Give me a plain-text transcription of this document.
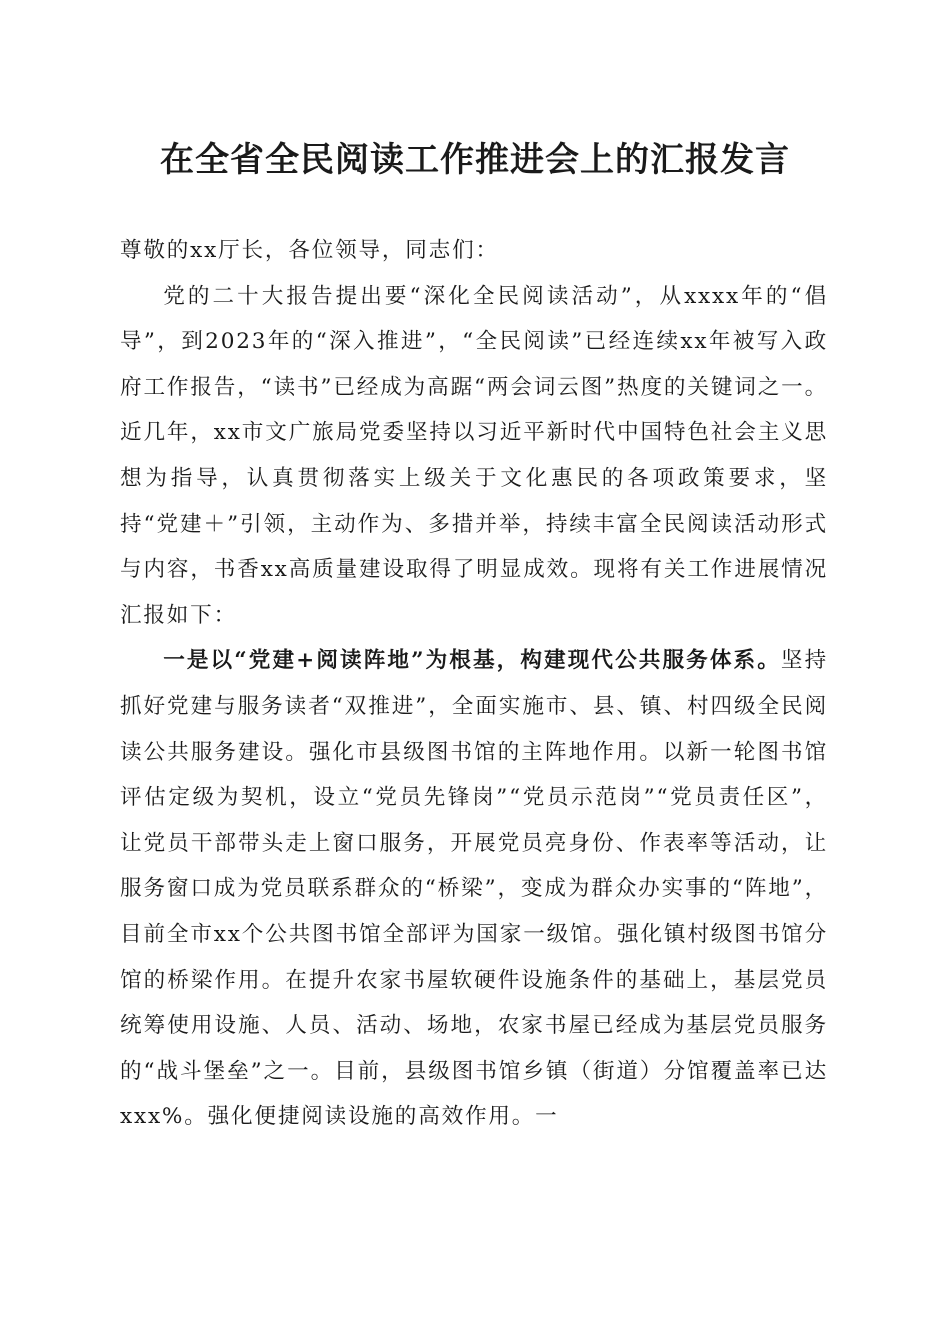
在全省全民阅读工作推进会上的汇报发言

尊敬的xx厅长，各位领导，同志们：

党的二十大报告提出要“深化全民阅读活动”，从xxxx年的“倡导”，到2023年的“深入推进”，“全民阅读”已经连续xx年被写入政府工作报告，“读书”已经成为高踞“两会词云图”热度的关键词之一。近几年，xx市文广旅局党委坚持以习近平新时代中国特色社会主义思想为指导，认真贯彻落实上级关于文化惠民的各项政策要求，坚持“党建＋”引领，主动作为、多措并举，持续丰富全民阅读活动形式与内容，书香xx高质量建设取得了明显成效。现将有关工作进展情况汇报如下：

一是以“党建+阅读阵地”为根基，构建现代公共服务体系。坚持抓好党建与服务读者“双推进”，全面实施市、县、镇、村四级全民阅读公共服务建设。强化市县级图书馆的主阵地作用。以新一轮图书馆评估定级为契机，设立“党员先锋岗”“党员示范岗”“党员责任区”，让党员干部带头走上窗口服务，开展党员亮身份、作表率等活动，让服务窗口成为党员联系群众的“桥梁”，变成为群众办实事的“阵地”，目前全市xx个公共图书馆全部评为国家一级馆。强化镇村级图书馆分馆的桥梁作用。在提升农家书屋软硬件设施条件的基础上，基层党员统筹使用设施、人员、活动、场地，农家书屋已经成为基层党员服务的“战斗堡垒”之一。目前，县级图书馆乡镇（街道）分馆覆盖率已达xxx%。强化便捷阅读设施的高效作用。一
